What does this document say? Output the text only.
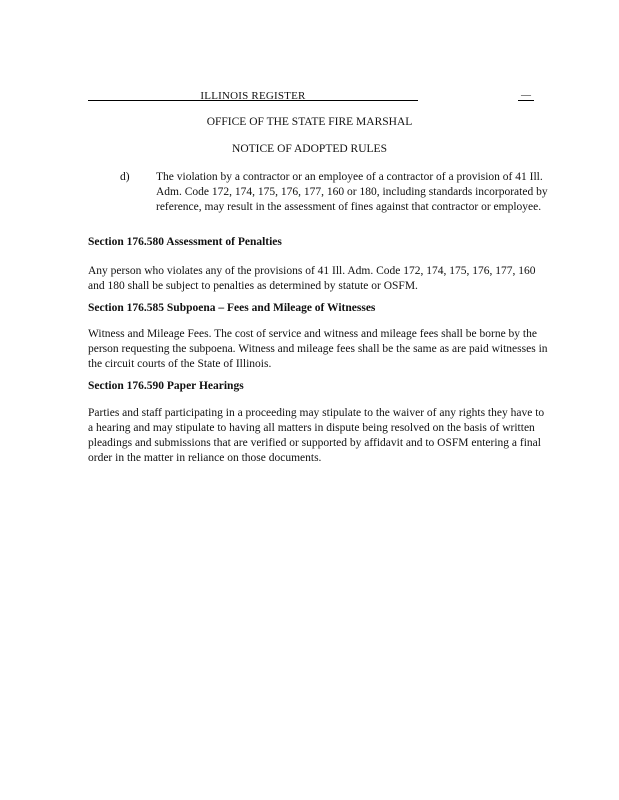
ILLINOIS REGISTER	—
OFFICE OF THE STATE FIRE MARSHAL
NOTICE OF ADOPTED RULES
d) The violation by a contractor or an employee of a contractor of a provision of 41 Ill. Adm. Code 172, 174, 175, 176, 177, 160 or 180, including standards incorporated by reference, may result in the assessment of fines against that contractor or employee.
Section 176.580 Assessment of Penalties
Any person who violates any of the provisions of 41 Ill. Adm. Code 172, 174, 175, 176, 177, 160 and 180 shall be subject to penalties as determined by statute or OSFM.
Section 176.585 Subpoena – Fees and Mileage of Witnesses
Witness and Mileage Fees. The cost of service and witness and mileage fees shall be borne by the person requesting the subpoena. Witness and mileage fees shall be the same as are paid witnesses in the circuit courts of the State of Illinois.
Section 176.590 Paper Hearings
Parties and staff participating in a proceeding may stipulate to the waiver of any rights they have to a hearing and may stipulate to having all matters in dispute being resolved on the basis of written pleadings and submissions that are verified or supported by affidavit and to OSFM entering a final order in the matter in reliance on those documents.
